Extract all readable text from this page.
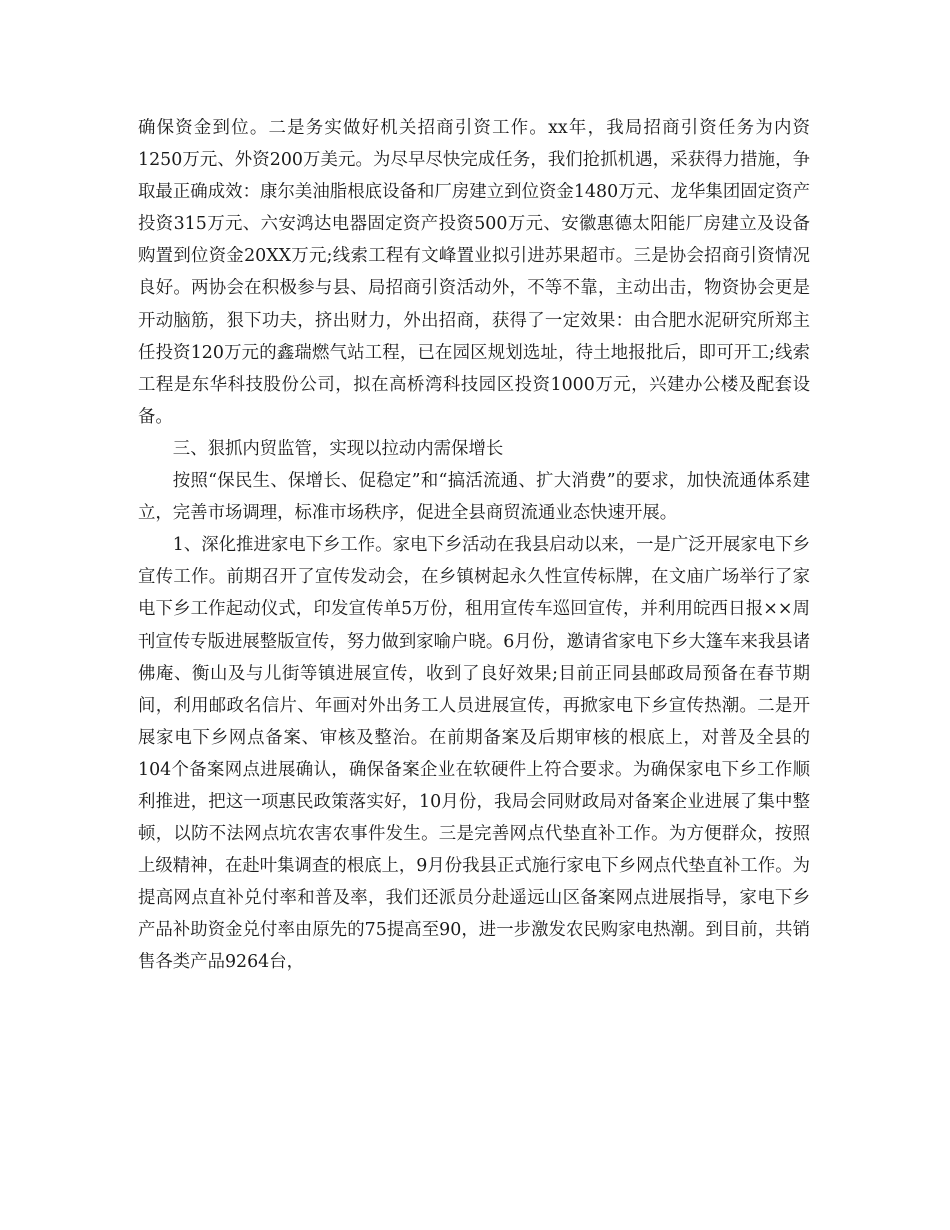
确保资金到位。二是务实做好机关招商引资工作。xx年，我局招商引资任务为内资1250万元、外资200万美元。为尽早尽快完成任务，我们抢抓机遇，采获得力措施，争取最正确成效：康尔美油脂根底设备和厂房建立到位资金1480万元、龙华集团固定资产投资315万元、六安鸿达电器固定资产投资500万元、安徽惠德太阳能厂房建立及设备购置到位资金20XX万元;线索工程有文峰置业拟引进苏果超市。三是协会招商引资情况良好。两协会在积极参与县、局招商引资活动外，不等不靠，主动出击，物资协会更是开动脑筋，狠下功夫，挤出财力，外出招商，获得了一定效果：由合肥水泥研究所郑主任投资120万元的鑫瑞燃气站工程，已在园区规划选址，待土地报批后，即可开工;线索工程是东华科技股份公司，拟在高桥湾科技园区投资1000万元，兴建办公楼及配套设备。

三、狠抓内贸监管，实现以拉动内需保增长

按照“保民生、保增长、促稳定”和“搞活流通、扩大消费”的要求，加快流通体系建立，完善市场调理，标准市场秩序，促进全县商贸流通业态快速开展。

1、深化推进家电下乡工作。家电下乡活动在我县启动以来，一是广泛开展家电下乡宣传工作。前期召开了宣传发动会，在乡镇树起永久性宣传标牌，在文庙广场举行了家电下乡工作起动仪式，印发宣传单5万份，租用宣传车巡回宣传，并利用皖西日报××周刊宣传专版进展整版宣传，努力做到家喻户晓。6月份，邀请省家电下乡大篷车来我县诸佛庵、衡山及与儿街等镇进展宣传，收到了良好效果;目前正同县邮政局预备在春节期间，利用邮政名信片、年画对外出务工人员进展宣传，再掀家电下乡宣传热潮。二是开展家电下乡网点备案、审核及整治。在前期备案及后期审核的根底上，对普及全县的104个备案网点进展确认，确保备案企业在软硬件上符合要求。为确保家电下乡工作顺利推进，把这一项惠民政策落实好，10月份，我局会同财政局对备案企业进展了集中整顿，以防不法网点坑农害农事件发生。三是完善网点代垫直补工作。为方便群众，按照上级精神，在赴叶集调查的根底上，9月份我县正式施行家电下乡网点代垫直补工作。为提高网点直补兑付率和普及率，我们还派员分赴遥远山区备案网点进展指导，家电下乡产品补助资金兑付率由原先的75提高至90，进一步激发农民购家电热潮。到目前，共销售各类产品9264台，
